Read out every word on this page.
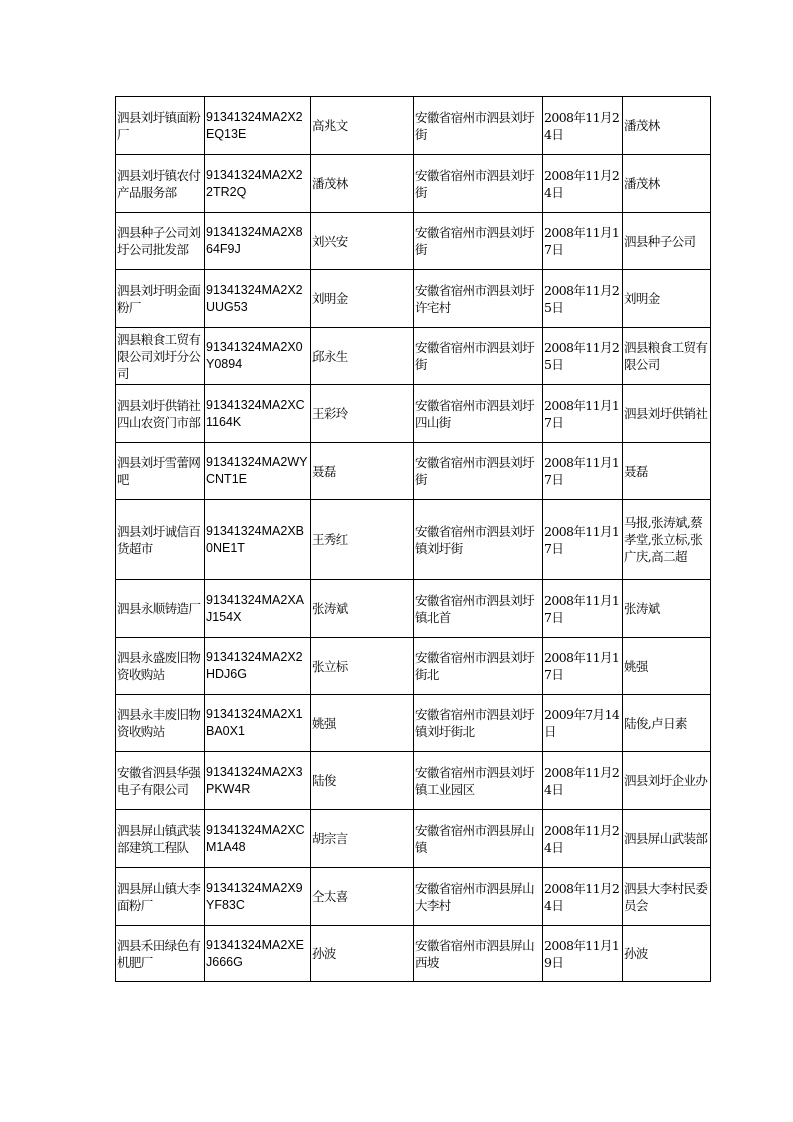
泗县刘圩镇面粉厂	91341324MA2X2EQ13E	高兆文	安徽省宿州市泗县刘圩街	2008年11月24日	潘茂林
泗县刘圩镇农付产品服务部	91341324MA2X22TR2Q	潘茂林	安徽省宿州市泗县刘圩街	2008年11月24日	潘茂林
泗县种子公司刘圩公司批发部	91341324MA2X864F9J	刘兴安	安徽省宿州市泗县刘圩街	2008年11月17日	泗县种子公司
泗县刘圩明金面粉厂	91341324MA2X2UUG53	刘明金	安徽省宿州市泗县刘圩许宅村	2008年11月25日	刘明金
泗县粮食工贸有限公司刘圩分公司	91341324MA2X0Y0894	邱永生	安徽省宿州市泗县刘圩街	2008年11月25日	泗县粮食工贸有限公司
泗县刘圩供销社四山农资门市部	91341324MA2XC1164K	王彩玲	安徽省宿州市泗县刘圩四山街	2008年11月17日	泗县刘圩供销社
泗县刘圩雪蕾网吧	91341324MA2WYCNT1E	聂磊	安徽省宿州市泗县刘圩街	2008年11月17日	聂磊
泗县刘圩诚信百货超市	91341324MA2XB0NE1T	王秀红	安徽省宿州市泗县刘圩镇刘圩街	2008年11月17日	马报,张涛斌,蔡孝堂,张立标,张广庆,高二超
泗县永顺铸造厂	91341324MA2XAJ154X	张涛斌	安徽省宿州市泗县刘圩镇北首	2008年11月17日	张涛斌
泗县永盛废旧物资收购站	91341324MA2X2HDJ6G	张立标	安徽省宿州市泗县刘圩街北	2008年11月17日	姚强
泗县永丰废旧物资收购站	91341324MA2X1BA0X1	姚强	安徽省宿州市泗县刘圩镇刘圩街北	2009年7月14日	陆俊,卢日素
安徽省泗县华强电子有限公司	91341324MA2X3PKW4R	陆俊	安徽省宿州市泗县刘圩镇工业园区	2008年11月24日	泗县刘圩企业办
泗县屏山镇武装部建筑工程队	91341324MA2XCM1A48	胡宗言	安徽省宿州市泗县屏山镇	2008年11月24日	泗县屏山武装部
泗县屏山镇大李面粉厂	91341324MA2X9YF83C	仝太喜	安徽省宿州市泗县屏山大李村	2008年11月24日	泗县大李村民委员会
泗县禾田绿色有机肥厂	91341324MA2XEJ666G	孙波	安徽省宿州市泗县屏山西坡	2008年11月19日	孙波
